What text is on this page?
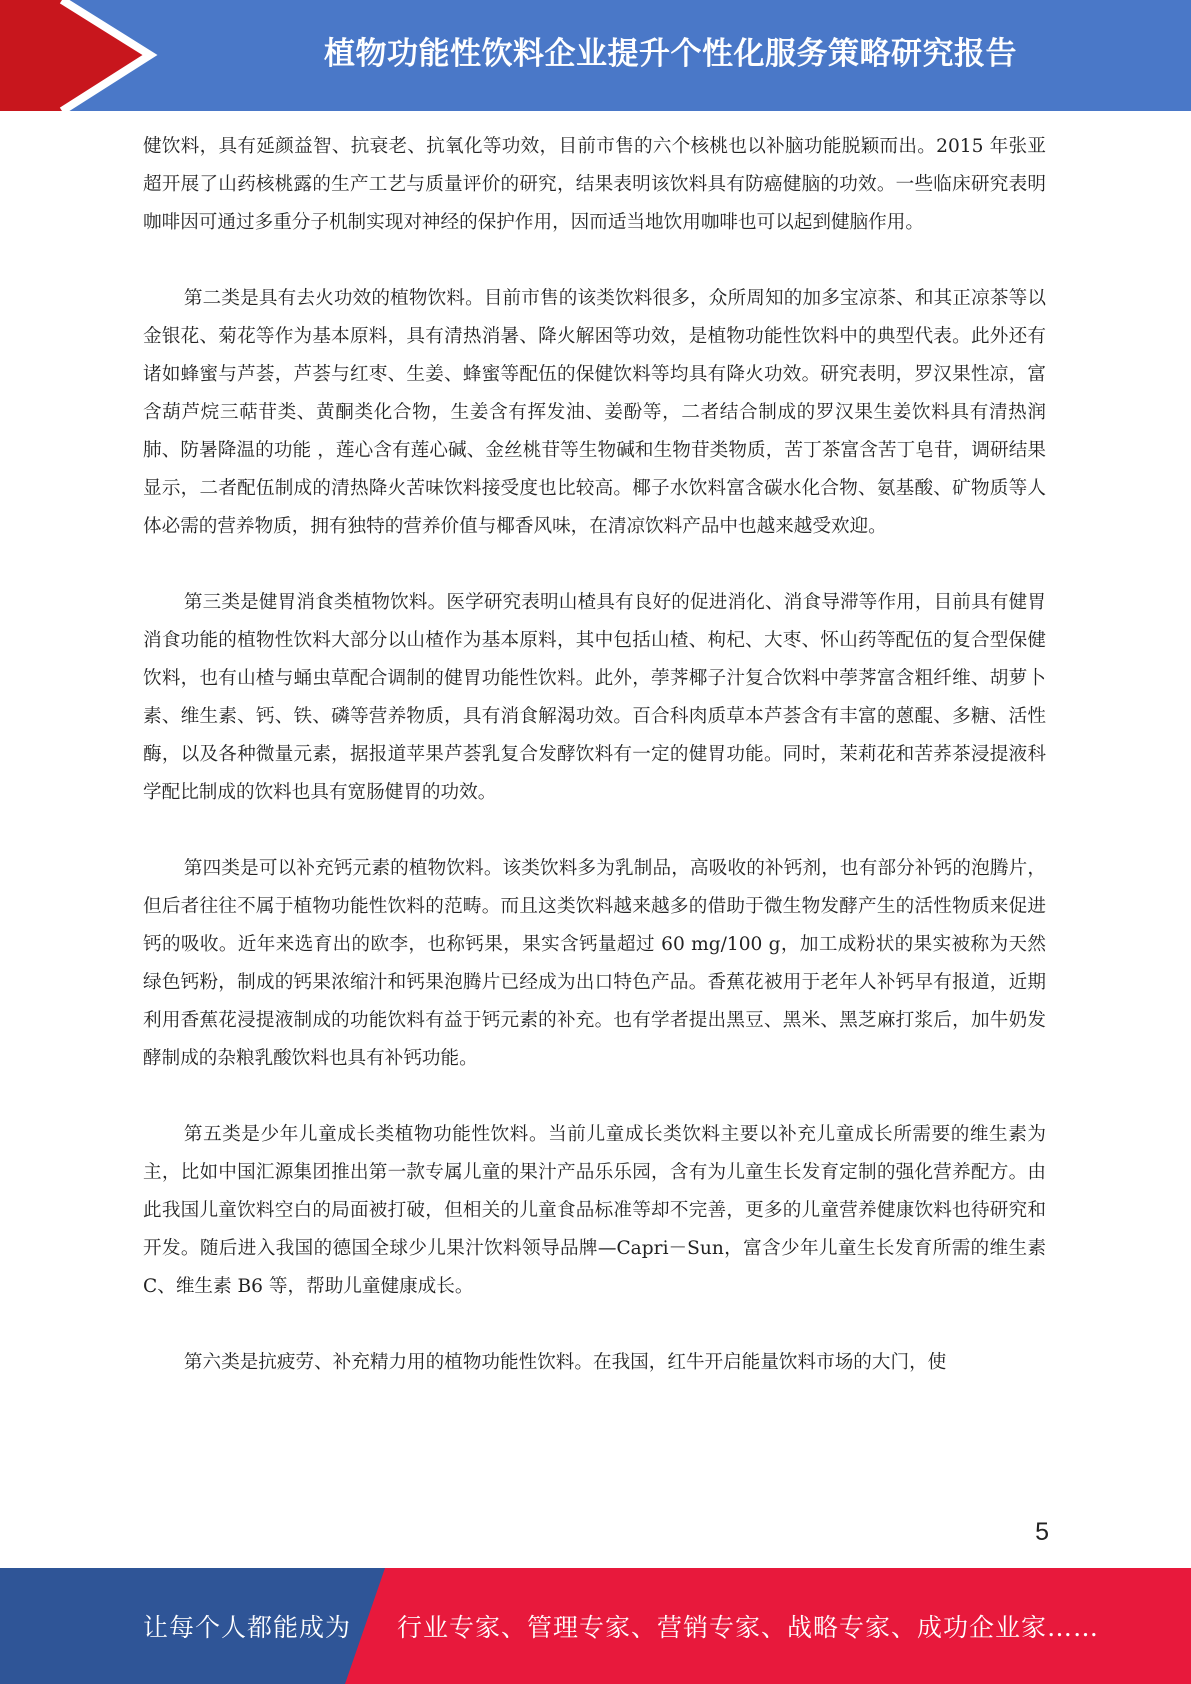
植物功能性饮料企业提升个性化服务策略研究报告

健饮料，具有延颜益智、抗衰老、抗氧化等功效，目前市售的六个核桃也以补脑功能脱颖而出。2015 年张亚超开展了山药核桃露的生产工艺与质量评价的研究，结果表明该饮料具有防癌健脑的功效。一些临床研究表明咖啡因可通过多重分子机制实现对神经的保护作用，因而适当地饮用咖啡也可以起到健脑作用。

第二类是具有去火功效的植物饮料。目前市售的该类饮料很多，众所周知的加多宝凉茶、和其正凉茶等以金银花、菊花等作为基本原料，具有清热消暑、降火解困等功效，是植物功能性饮料中的典型代表。此外还有诸如蜂蜜与芦荟，芦荟与红枣、生姜、蜂蜜等配伍的保健饮料等均具有降火功效。研究表明，罗汉果性凉，富含葫芦烷三萜苷类、黄酮类化合物，生姜含有挥发油、姜酚等，二者结合制成的罗汉果生姜饮料具有清热润肺、防暑降温的功能 ，莲心含有莲心碱、金丝桃苷等生物碱和生物苷类物质，苦丁茶富含苦丁皂苷，调研结果显示，二者配伍制成的清热降火苦味饮料接受度也比较高。椰子水饮料富含碳水化合物、氨基酸、矿物质等人体必需的营养物质，拥有独特的营养价值与椰香风味，在清凉饮料产品中也越来越受欢迎。

第三类是健胃消食类植物饮料。医学研究表明山楂具有良好的促进消化、消食导滞等作用，目前具有健胃消食功能的植物性饮料大部分以山楂作为基本原料，其中包括山楂、枸杞、大枣、怀山药等配伍的复合型保健饮料，也有山楂与蛹虫草配合调制的健胃功能性饮料。此外，荸荠椰子汁复合饮料中荸荠富含粗纤维、胡萝卜素、维生素、钙、铁、磷等营养物质，具有消食解渴功效。百合科肉质草本芦荟含有丰富的蒽醌、多糖、活性酶，以及各种微量元素，据报道苹果芦荟乳复合发酵饮料有一定的健胃功能。同时，茉莉花和苦荞茶浸提液科学配比制成的饮料也具有宽肠健胃的功效。

第四类是可以补充钙元素的植物饮料。该类饮料多为乳制品，高吸收的补钙剂，也有部分补钙的泡腾片，但后者往往不属于植物功能性饮料的范畴。而且这类饮料越来越多的借助于微生物发酵产生的活性物质来促进钙的吸收。近年来选育出的欧李，也称钙果，果实含钙量超过 60 mg/100 g，加工成粉状的果实被称为天然绿色钙粉，制成的钙果浓缩汁和钙果泡腾片已经成为出口特色产品。香蕉花被用于老年人补钙早有报道，近期利用香蕉花浸提液制成的功能饮料有益于钙元素的补充。也有学者提出黑豆、黑米、黑芝麻打浆后，加牛奶发酵制成的杂粮乳酸饮料也具有补钙功能。

第五类是少年儿童成长类植物功能性饮料。当前儿童成长类饮料主要以补充儿童成长所需要的维生素为主，比如中国汇源集团推出第一款专属儿童的果汁产品乐乐园，含有为儿童生长发育定制的强化营养配方。由此我国儿童饮料空白的局面被打破，但相关的儿童食品标准等却不完善，更多的儿童营养健康饮料也待研究和开发。随后进入我国的德国全球少儿果汁饮料领导品牌—Capri－Sun，富含少年儿童生长发育所需的维生素 C、维生素 B6 等，帮助儿童健康成长。

第六类是抗疲劳、补充精力用的植物功能性饮料。在我国，红牛开启能量饮料市场的大门，使

5
让每个人都能成为 行业专家、管理专家、营销专家、战略专家、成功企业家……
